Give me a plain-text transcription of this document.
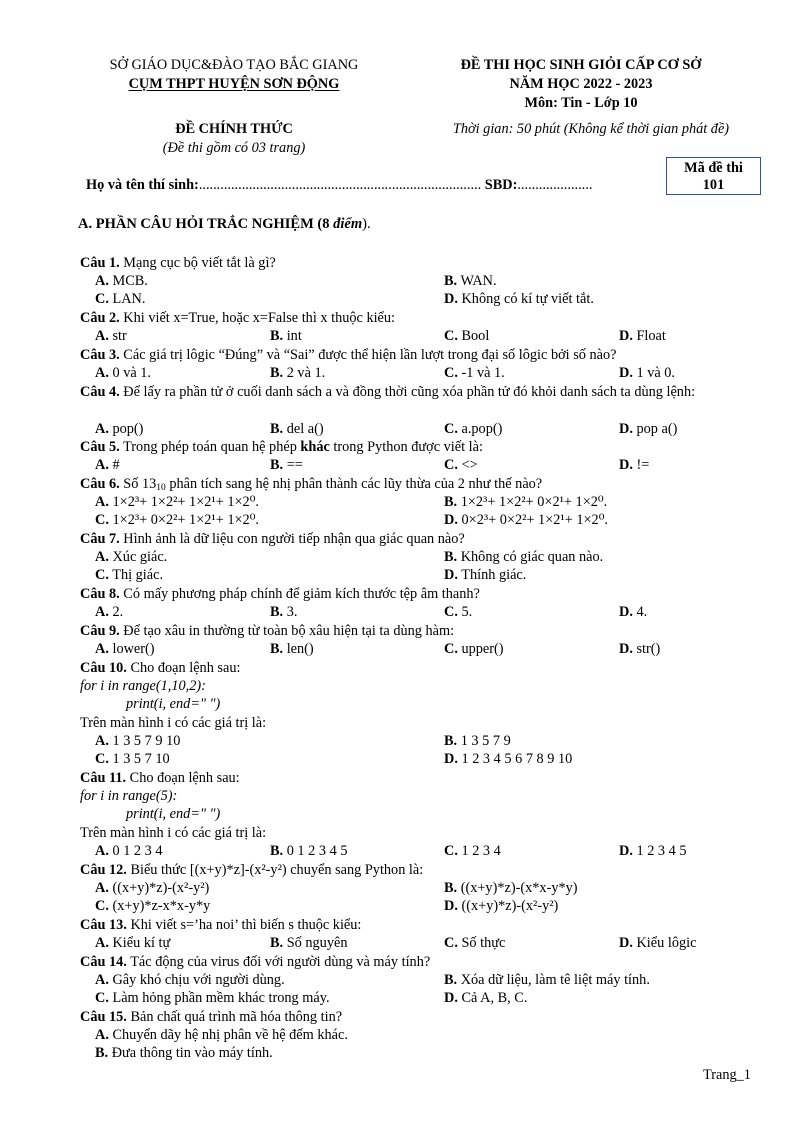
SỞ GIÁO DỤC&ĐÀO TẠO BẮC GIANG
CỤM THPT HUYỆN SƠN ĐỘNG
ĐỀ THI HỌC SINH GIỎI CẤP CƠ SỞ
NĂM HỌC 2022 - 2023
Môn: Tin - Lớp 10
ĐỀ CHÍNH THỨC
(Đề thi gồm có 03 trang)
Thời gian: 50 phút (Không kể thời gian phát đề)
Mã đề thi
101
Họ và tên thí sinh:............................................................................... SBD:.....................
A. PHẦN CÂU HỎI TRẮC NGHIỆM (8 điểm).
Câu 1. Mạng cục bộ viết tắt là gì?
A. MCB.	B. WAN.
C. LAN.	D. Không có kí tự viết tắt.
Câu 2. Khi viết x=True, hoặc x=False thì x thuộc kiểu:
A. str	B. int	C. Bool	D. Float
Câu 3. Các giá trị lôgic “Đúng” và “Sai” được thể hiện lần lượt trong đại số lôgic bởi số nào?
A. 0 và 1.	B. 2 và 1.	C. -1 và 1.	D. 1 và 0.
Câu 4. Để lấy ra phần tử ở cuối danh sách a và đồng thời cũng xóa phần tử đó khỏi danh sách ta dùng lệnh:
A. pop()	B. del a()	C. a.pop()	D. pop a()
Câu 5. Trong phép toán quan hệ phép khác trong Python được viết là:
A. #	B. ==	C. <>	D. !=
Câu 6. Số $13_{10}$ phân tích sang hệ nhị phân thành các lũy thừa của 2 như thế nào?
A. 1×2³+ 1×2²+ 1×2¹+ 1×2⁰.	B. 1×2³+ 1×2²+ 0×2¹+ 1×2⁰.
C. 1×2³+ 0×2²+ 1×2¹+ 1×2⁰.	D. 0×2³+ 0×2²+ 1×2¹+ 1×2⁰.
Câu 7. Hình ảnh là dữ liệu con người tiếp nhận qua giác quan nào?
A. Xúc giác.	B. Không có giác quan nào.
C. Thị giác.	D. Thính giác.
Câu 8. Có mấy phương pháp chính để giảm kích thước tệp âm thanh?
A. 2.	B. 3.	C. 5.	D. 4.
Câu 9. Để tạo xâu in thường từ toàn bộ xâu hiện tại ta dùng hàm:
A. lower()	B. len()	C. upper()	D. str()
Câu 10. Cho đoạn lệnh sau:
for i in range(1,10,2):
print(i, end=" ")
Trên màn hình i có các giá trị là:
A. 1 3 5 7 9 10	B. 1 3 5 7 9
C. 1 3 5 7 10	D. 1 2 3 4 5 6 7 8 9 10
Câu 11. Cho đoạn lệnh sau:
for i in range(5):
print(i, end=" ")
Trên màn hình i có các giá trị là:
A. 0 1 2 3 4	B. 0 1 2 3 4 5	C. 1 2 3 4	D. 1 2 3 4 5
Câu 12. Biểu thức [(x+y)*z]-(x²-y²) chuyển sang Python là:
A. ((x+y)*z)-(x²-y²)	B. ((x+y)*z)-(x*x-y*y)
C. (x+y)*z-x*x-y*y	D. ((x+y)*z)-(x²-y²)
Câu 13. Khi viết s=’ha noi’ thì biến s thuộc kiểu:
A. Kiểu kí tự	B. Số nguyên	C. Số thực	D. Kiểu lôgic
Câu 14. Tác động của virus đối với người dùng và máy tính?
A. Gây khó chịu với người dùng.	B. Xóa dữ liệu, làm tê liệt máy tính.
C. Làm hỏng phần mềm khác trong máy.	D. Cả A, B, C.
Câu 15. Bản chất quá trình mã hóa thông tin?
A. Chuyển dãy hệ nhị phân về hệ đếm khác.
B. Đưa thông tin vào máy tính.
Trang_1
